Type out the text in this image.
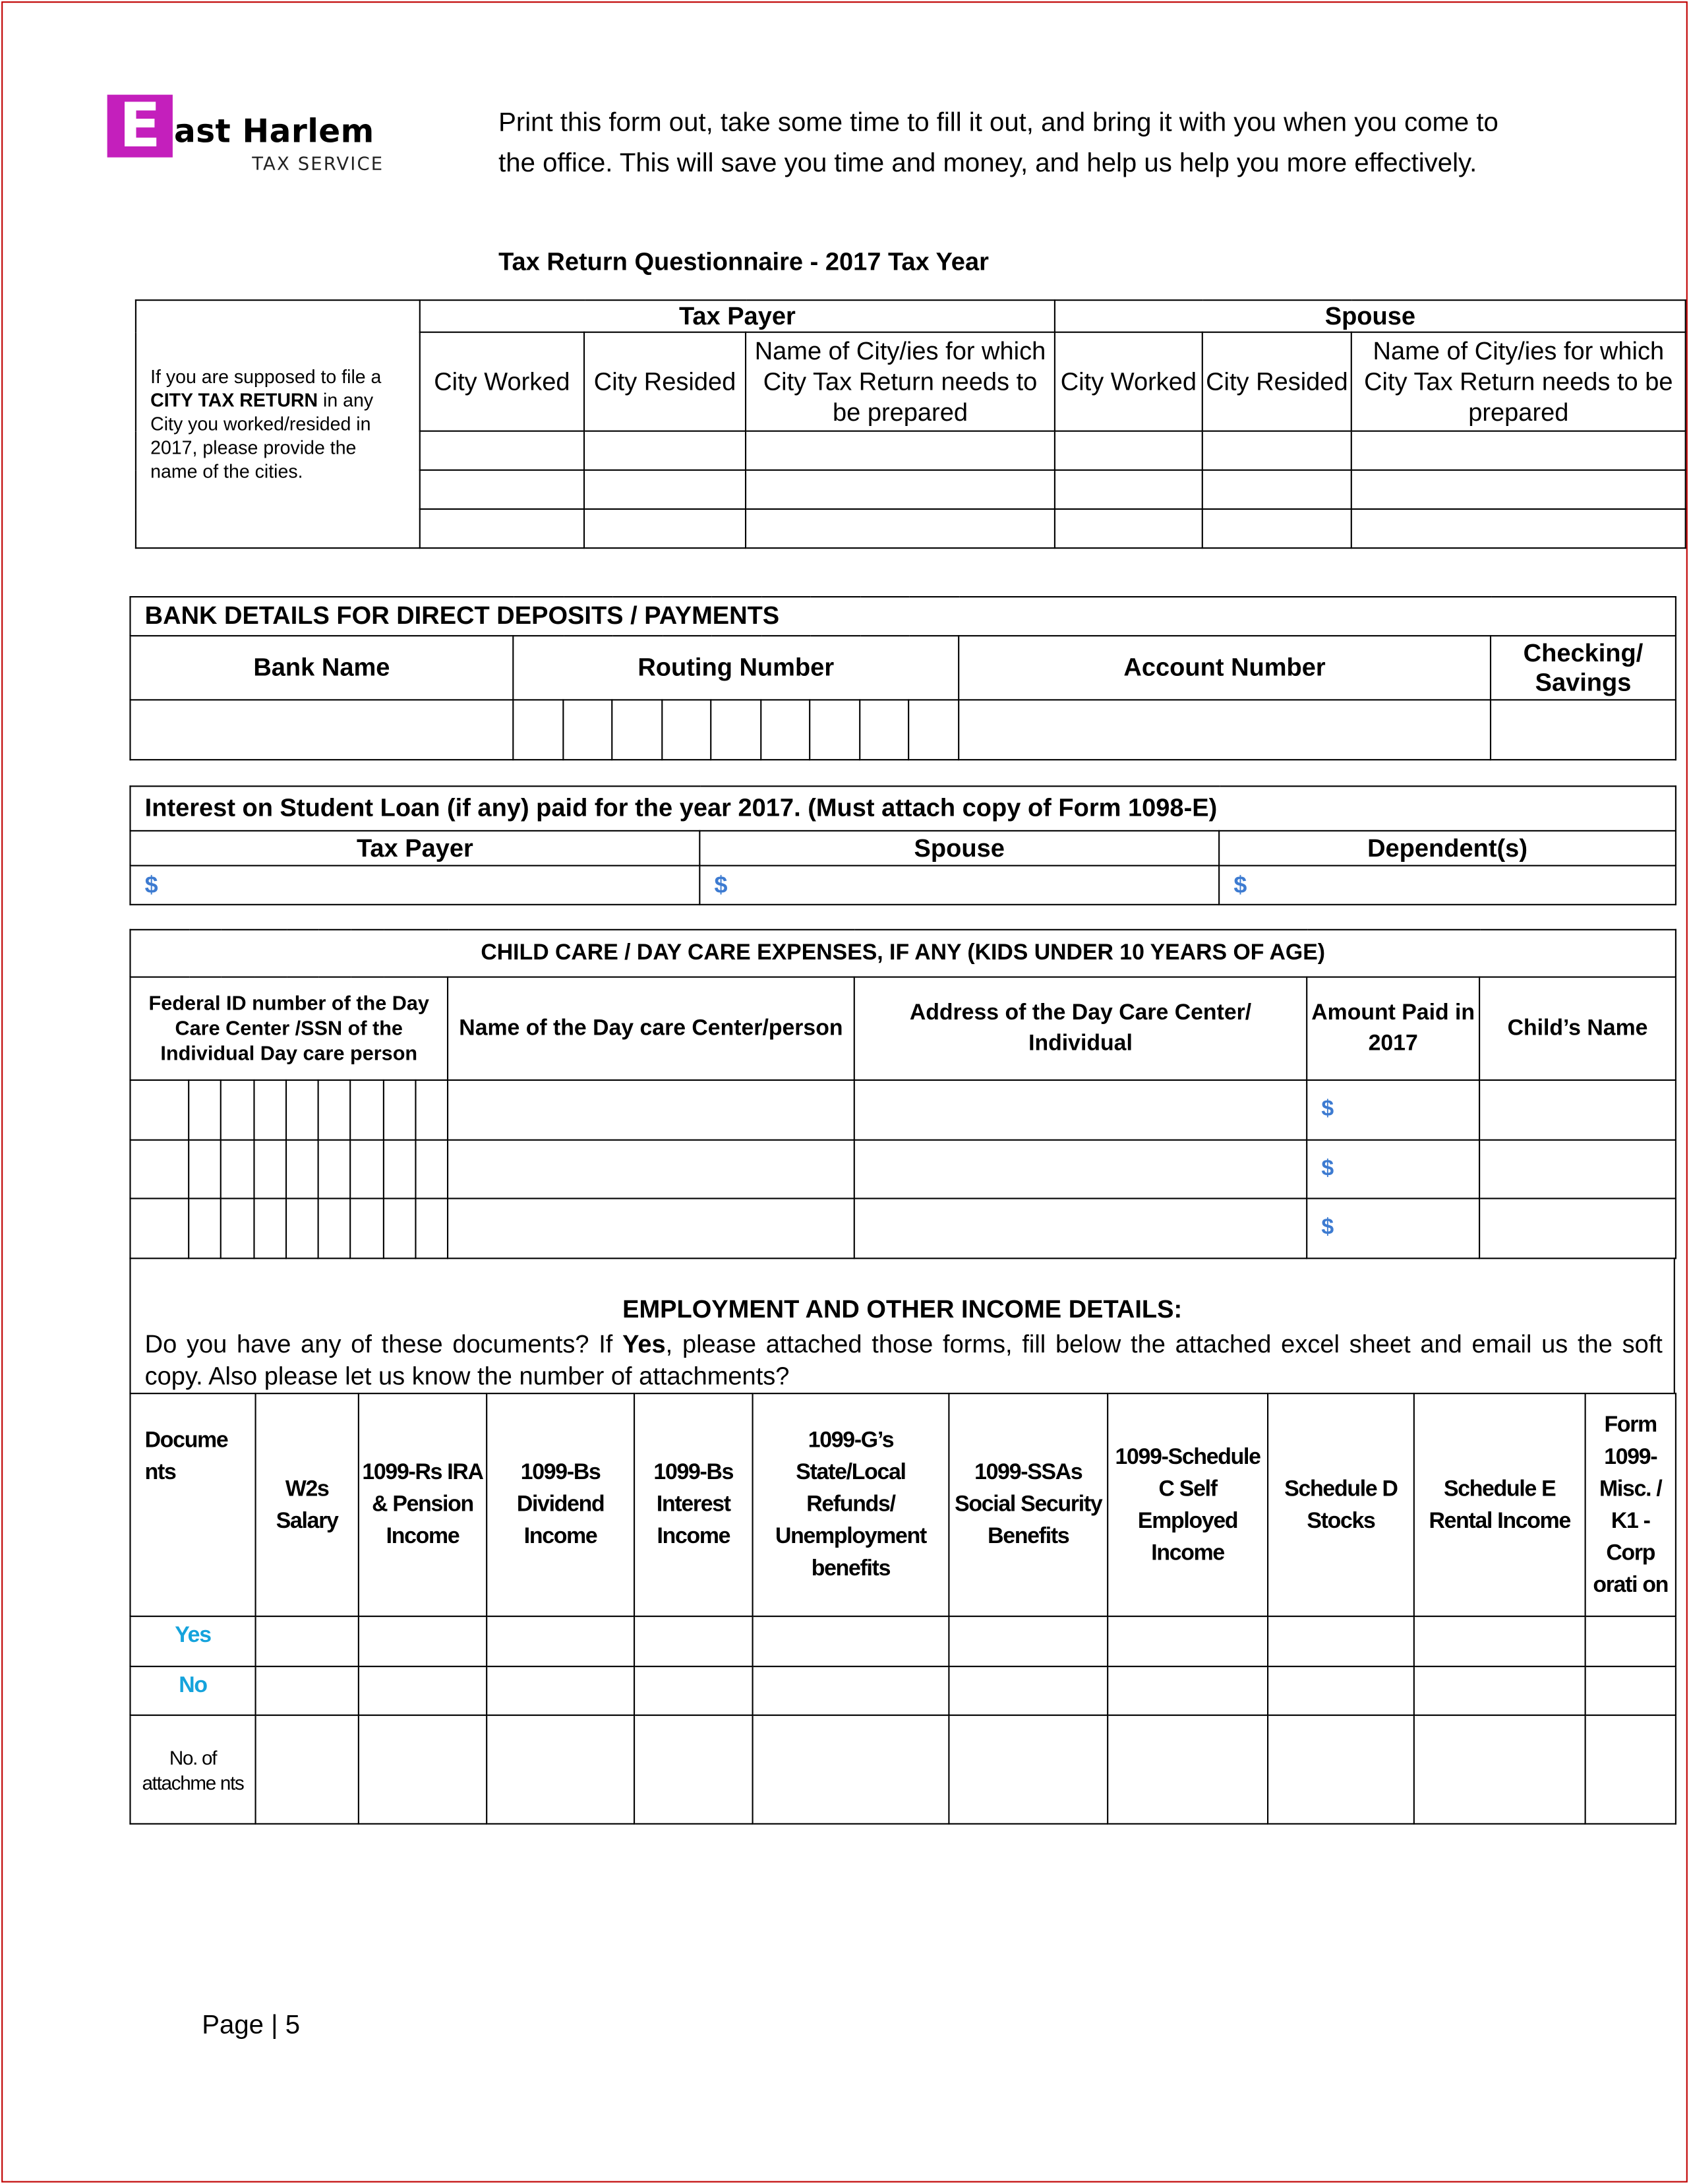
E ast Harlem
TAX SERVICE
Print this form out, take some time to fill it out, and bring it with you when you come to the office. This will save you time and money, and help us help you more effectively.
Tax Return Questionnaire - 2017 Tax Year
If you are supposed to file a CITY TAX RETURN in any City you worked/resided in 2017, please provide the name of the cities.	Tax Payer			Spouse		
	City Worked	City Resided	Name of City/ies for which City Tax Return needs to be prepared	City Worked	City Resided	Name of City/ies for which City Tax Return needs to be prepared

BANK DETAILS FOR DIRECT DEPOSITS / PAYMENTS											
Bank Name	Routing Number									Account Number	Checking/ Savings

Interest on Student Loan (if any) paid for the year 2017. (Must attach copy of Form 1098-E)		
Tax Payer	Spouse	Dependent(s)
$	$	$
CHILD CARE / DAY CARE EXPENSES, IF ANY (KIDS UNDER 10 YEARS OF AGE)												
Federal ID number of the Day Care Center /SSN of the Individual Day care person									Name of the Day care Center/person	Address of the Day Care Center/ Individual	Amount Paid in 2017	Child’s Name
											$	
											$	
											$	
EMPLOYMENT AND OTHER INCOME DETAILS:
Do you have any of these documents? If Yes, please attached those forms, fill below the attached excel sheet and email us the soft copy. Also please let us know the number of attachments?
Docume nts	W2s Salary	1099-Rs IRA & Pension Income	1099-Bs Dividend Income	1099-Bs Interest Income	1099-G’s State/Local Refunds/ Unemployment benefits	1099-SSAs Social Security Benefits	1099-Schedule C Self Employed Income	Schedule D Stocks	Schedule E Rental Income	Form 1099-Misc. / K1 - Corp orati on
Yes										
No										
No. of attachme nts										
Page | 5
